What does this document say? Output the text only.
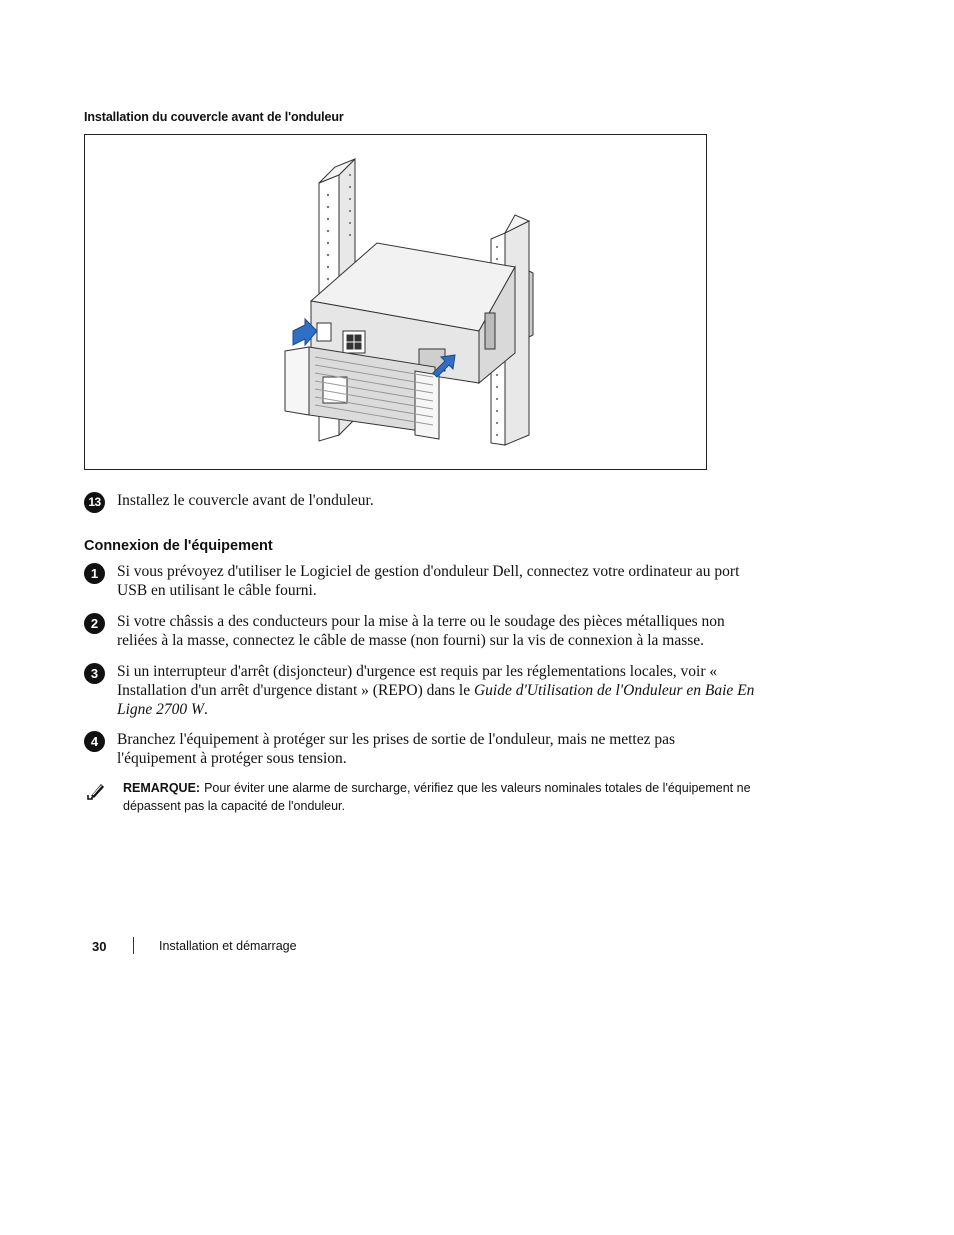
Installation du couvercle avant de l'onduleur
13 Installez le couvercle avant de l'onduleur.
Connexion de l'équipement
1	Si vous prévoyez d'utiliser le Logiciel de gestion d'onduleur Dell, connectez votre ordinateur au port USB en utilisant le câble fourni.
2	Si votre châssis a des conducteurs pour la mise à la terre ou le soudage des pièces métalliques non reliées à la masse, connectez le câble de masse (non fourni) sur la vis de connexion à la masse.
3	Si un interrupteur d'arrêt (disjoncteur) d'urgence est requis par les réglementations locales, voir « Installation d'un arrêt d'urgence distant » (REPO) dans le Guide d'Utilisation de l'Onduleur en Baie En Ligne 2700 W.
4	Branchez l'équipement à protéger sur les prises de sortie de l'onduleur, mais ne mettez pas l'équipement à protéger sous tension.
REMARQUE: Pour éviter une alarme de surcharge, vérifiez que les valeurs nominales totales de l'équipement ne dépassent pas la capacité de l'onduleur.
30	Installation et démarrage
